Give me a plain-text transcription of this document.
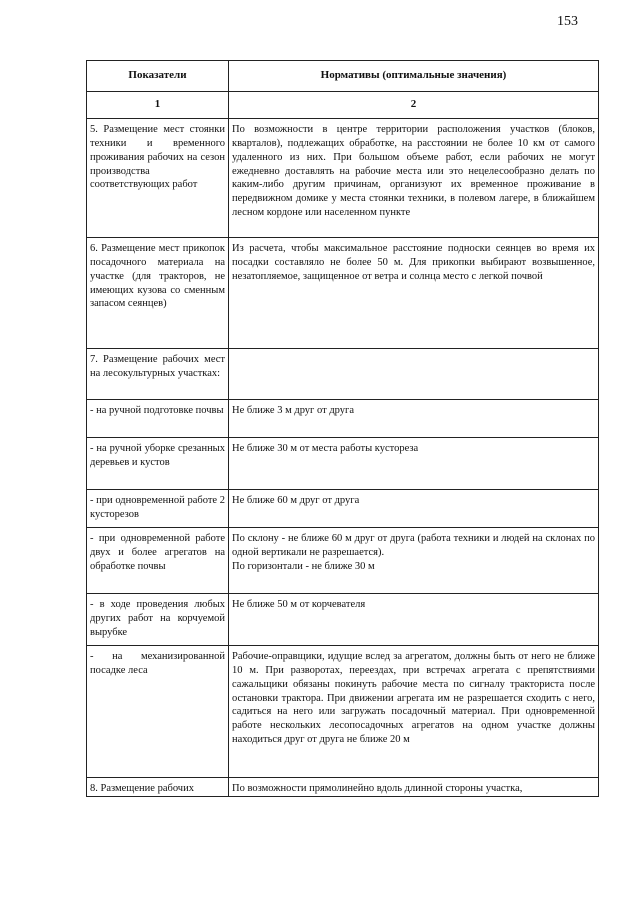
153
Показатели	Нормативы (оптимальные значения)
1	2
5. Размещение мест стоянки техники и временного проживания рабочих на сезон производства соответствующих работ	По возможности в центре территории расположения участков (блоков, кварталов), подлежащих обработке, на расстоянии не более 10 км от самого удаленного из них. При большом объеме работ, если рабочих не могут ежедневно доставлять на рабочие места или это нецелесообразно делать по каким-либо другим причинам, организуют их временное проживание в передвижном домике у места стоянки техники, в полевом лагере, в ближайшем лесном кордоне или населенном пункте
6. Размещение мест прикопок посадочного материала на участке (для тракторов, не имеющих кузова со сменным запасом сеянцев)	Из расчета, чтобы максимальное расстояние подноски сеянцев во время их посадки составляло не более 50 м. Для прикопки выбирают возвышенное, незатопляемое, защищенное от ветра и солнца место с легкой почвой
7. Размещение рабочих мест на лесокультурных участках:	
- на ручной подготовке почвы	Не ближе 3 м друг от друга
- на ручной уборке срезанных деревьев и кустов	Не ближе 30 м от места работы кустореза
- при одновременной работе 2 кусторезов	Не ближе 60 м друг от друга
- при одновременной работе двух и более агрегатов на обработке почвы	По склону - не ближе 60 м друг от друга (работа техники и людей на склонах по одной вертикали не разрешается).
По горизонтали - не ближе 30 м
- в ходе проведения любых других работ на корчуемой вырубке	Не ближе 50 м от корчевателя
- на механизированной посадке леса	Рабочие-оправщики, идущие вслед за агрегатом, должны быть от него не ближе 10 м. При разворотах, переездах, при встречах агрегата с препятствиями сажальщики обязаны покинуть рабочие места по сигналу тракториста после остановки трактора. При движении агрегата им не разрешается сходить с него, садиться на него или загружать посадочный материал. При одновременной работе нескольких лесопосадочных агрегатов на одном участке должны находиться друг от друга не ближе 20 м
8. Размещение рабочих	По возможности прямолинейно вдоль длинной стороны участка,
